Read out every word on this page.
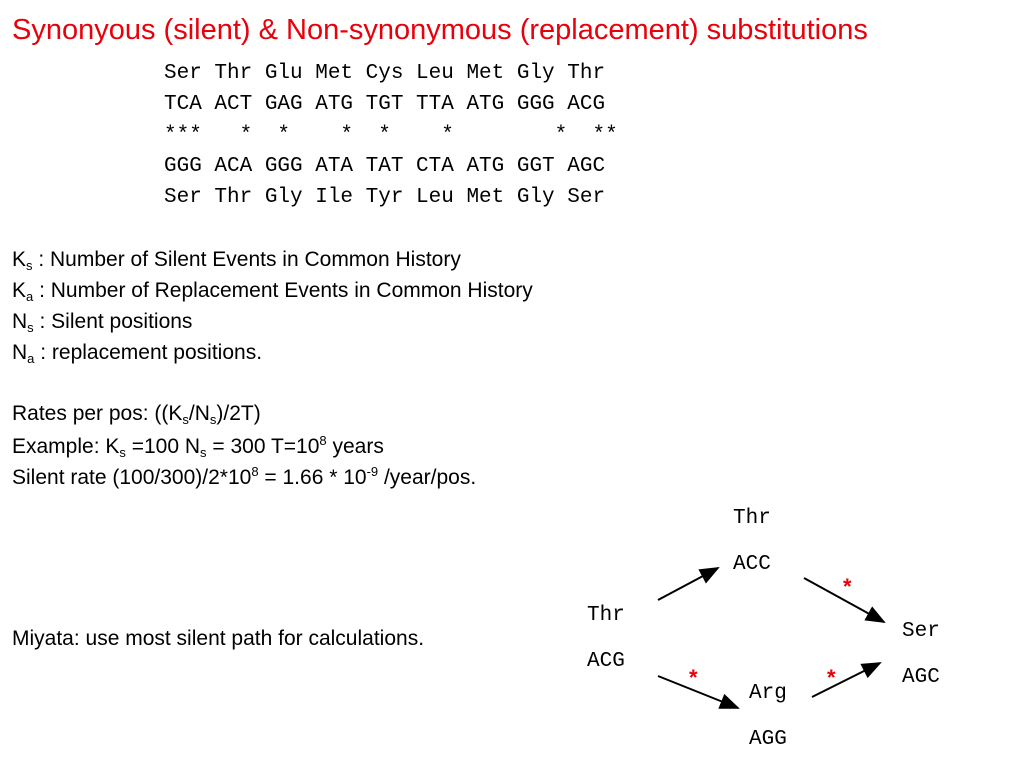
Synonyous (silent) & Non-synonymous (replacement) substitutions
Ser Thr Glu Met Cys Leu Met Gly Thr
TCA ACT GAG ATG TGT TTA ATG GGG ACG
***   *  *    *  *    *        *  **
GGG ACA GGG ATA TAT CTA ATG GGT AGC
Ser Thr Gly Ile Tyr Leu Met Gly Ser
$K_s$ : Number of Silent Events in Common History
$K_a$ : Number of Replacement Events in Common History
$N_s$ : Silent positions
$N_a$ : replacement positions.
Rates per pos: $((K_s/N_s)/2T)$
Example: $K_s =100$ $N_s = 300$ $T=10^8$ years
Silent rate $(100/300)/2*10^8 = 1.66 * 10^{-9}$ /year/pos.
Miyata: use most silent path for calculations.
Thr
ACC
Thr
ACG
Ser
AGC
Arg
AGG
*
*	*
